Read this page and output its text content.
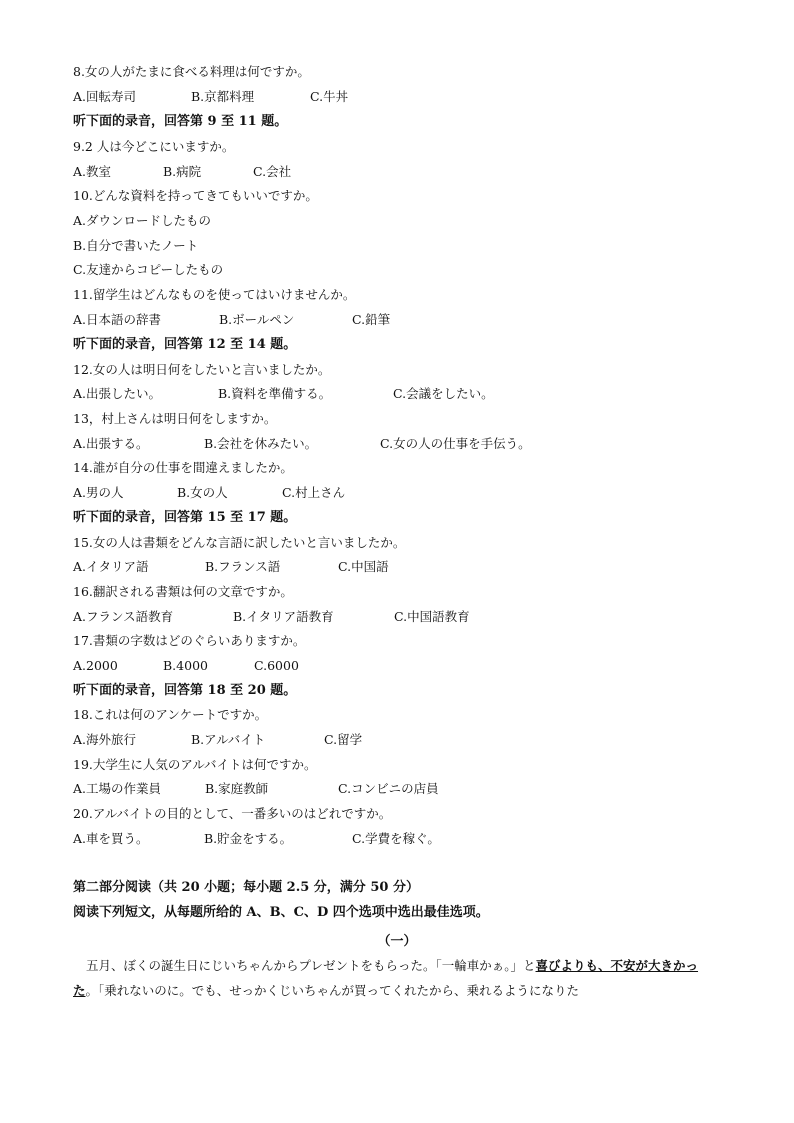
8.女の人がたまに食べる料理は何ですか。
A.回転寿司	B.京都料理	C.牛丼
听下面的录音，回答第 9 至 11 题。
9.2 人は今どこにいますか。
A.教室	B.病院	C.会社
10.どんな資料を持ってきてもいいですか。
A.ダウンロードしたもの
B.自分で書いたノート
C.友達からコピーしたもの
11.留学生はどんなものを使ってはいけませんか。
A.日本語の辞書	B.ボールペン	C.鉛筆
听下面的录音，回答第 12 至 14 题。
12.女の人は明日何をしたいと言いましたか。
A.出張したい。	B.資料を準備する。	C.会議をしたい。
13，村上さんは明日何をしますか。
A.出張する。	B.会社を休みたい。	C.女の人の仕事を手伝う。
14.誰が自分の仕事を間違えましたか。
A.男の人	B.女の人	C.村上さん
听下面的录音，回答第 15 至 17 题。
15.女の人は書類をどんな言語に訳したいと言いましたか。
A.イタリア語	B.フランス語	C.中国語
16.翻訳される書類は何の文章ですか。
A.フランス語教育	B.イタリア語教育	C.中国語教育
17.書類の字数はどのぐらいありますか。
A.2000	B.4000	C.6000
听下面的录音，回答第 18 至 20 题。
18.これは何のアンケートですか。
A.海外旅行	B.アルバイト	C.留学
19.大学生に人気のアルバイトは何ですか。
A.工場の作業員	B.家庭教師	C.コンビニの店員
20.アルバイトの目的として、一番多いのはどれですか。
A.車を買う。	B.貯金をする。	C.学費を稼ぐ。
第二部分阅读（共 20 小题；每小题 2.5 分，满分 50 分）
阅读下列短文，从每题所给的 A、B、C、D 四个选项中选出最佳选项。
（一）
五月、ぼくの誕生日にじいちゃんからプレゼントをもらった。「一輪車かぁ。」と喜びよりも、不安が大きかった。「乗れないのに。でも、せっかくじいちゃんが買ってくれたから、乗れるようになりた
